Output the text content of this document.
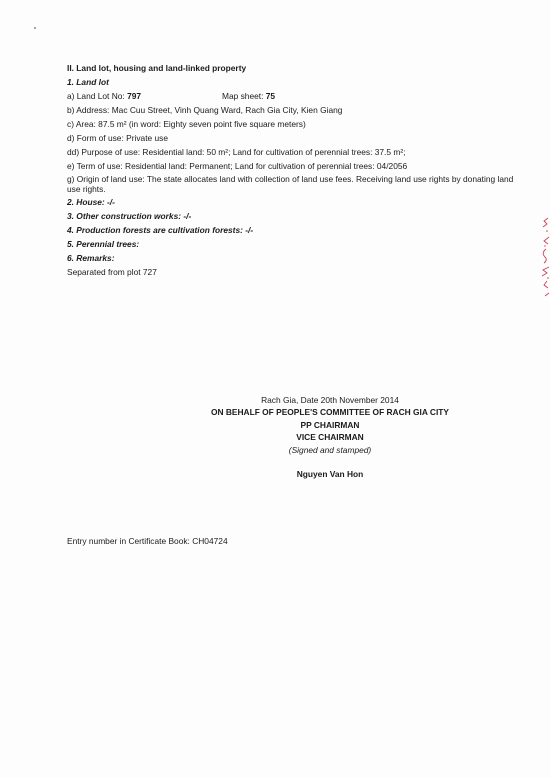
II. Land lot, housing and land-linked property
1. Land lot
a) Land Lot No: 797	Map sheet: 75
b) Address: Mac Cuu Street, Vinh Quang Ward, Rach Gia City, Kien Giang
c) Area: 87.5 m² (in word: Eighty seven point five square meters)
d) Form of use: Private use
dd) Purpose of use: Residential land: 50 m²; Land for cultivation of perennial trees: 37.5 m²;
e) Term of use: Residential land: Permanent; Land for cultivation of perennial trees: 04/2056
g) Origin of land use: The state allocates land with collection of land use fees. Receiving land use rights by donating land use rights.
2. House: -/-
3. Other construction works: -/-
4. Production forests are cultivation forests: -/-
5. Perennial trees:
6. Remarks:
Separated from plot 727
Rach Gia, Date 20th November 2014
ON BEHALF OF PEOPLE'S COMMITTEE OF RACH GIA CITY
PP CHAIRMAN
VICE CHAIRMAN
(Signed and stamped)
Nguyen Van Hon
Entry number in Certificate Book: CH04724
